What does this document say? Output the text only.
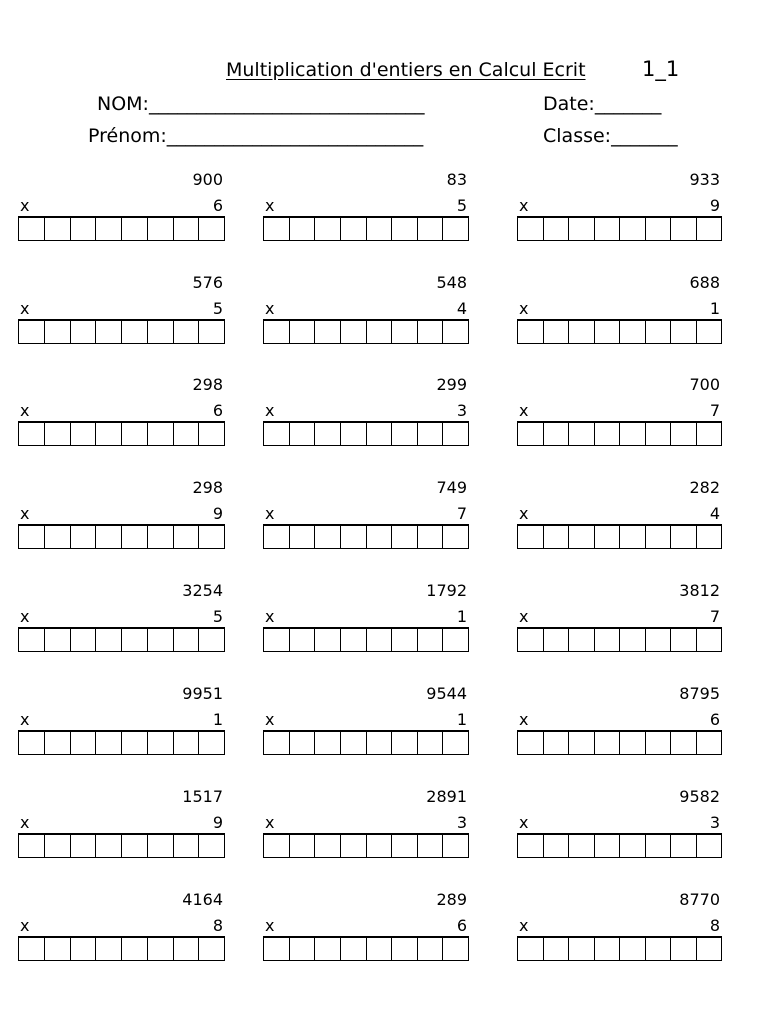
Multiplication d'entiers en Calcul Ecrit	1_1
NOM:_____________________________
Prénom:___________________________
Date:_______
Classe:_______
900
x	6
83
x	5
933
x	9
576
x	5
548
x	4
688
x	1
298
x	6
299
x	3
700
x	7
298
x	9
749
x	7
282
x	4
3254
x	5
1792
x	1
3812
x	7
9951
x	1
9544
x	1
8795
x	6
1517
x	9
2891
x	3
9582
x	3
4164
x	8
289
x	6
8770
x	8
